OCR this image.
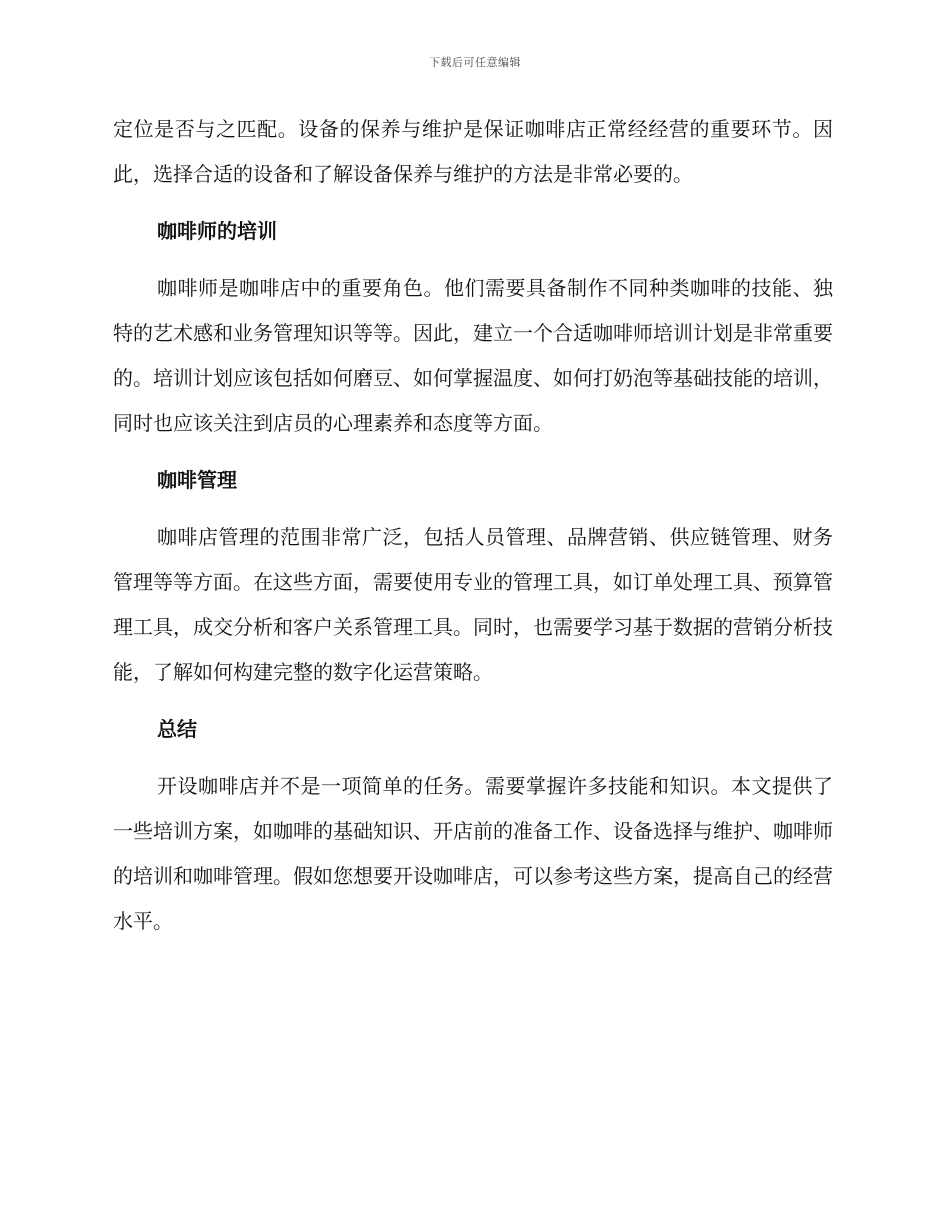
下载后可任意编辑

定位是否与之匹配。设备的保养与维护是保证咖啡店正常经经营的重要环节。因此，选择合适的设备和了解设备保养与维护的方法是非常必要的。

咖啡师的培训

咖啡师是咖啡店中的重要角色。他们需要具备制作不同种类咖啡的技能、独特的艺术感和业务管理知识等等。因此，建立一个合适咖啡师培训计划是非常重要的。培训计划应该包括如何磨豆、如何掌握温度、如何打奶泡等基础技能的培训，同时也应该关注到店员的心理素养和态度等方面。

咖啡管理

咖啡店管理的范围非常广泛，包括人员管理、品牌营销、供应链管理、财务管理等等方面。在这些方面，需要使用专业的管理工具，如订单处理工具、预算管理工具，成交分析和客户关系管理工具。同时，也需要学习基于数据的营销分析技能，了解如何构建完整的数字化运营策略。

总结

开设咖啡店并不是一项简单的任务。需要掌握许多技能和知识。本文提供了一些培训方案，如咖啡的基础知识、开店前的准备工作、设备选择与维护、咖啡师的培训和咖啡管理。假如您想要开设咖啡店，可以参考这些方案，提高自己的经营水平。
